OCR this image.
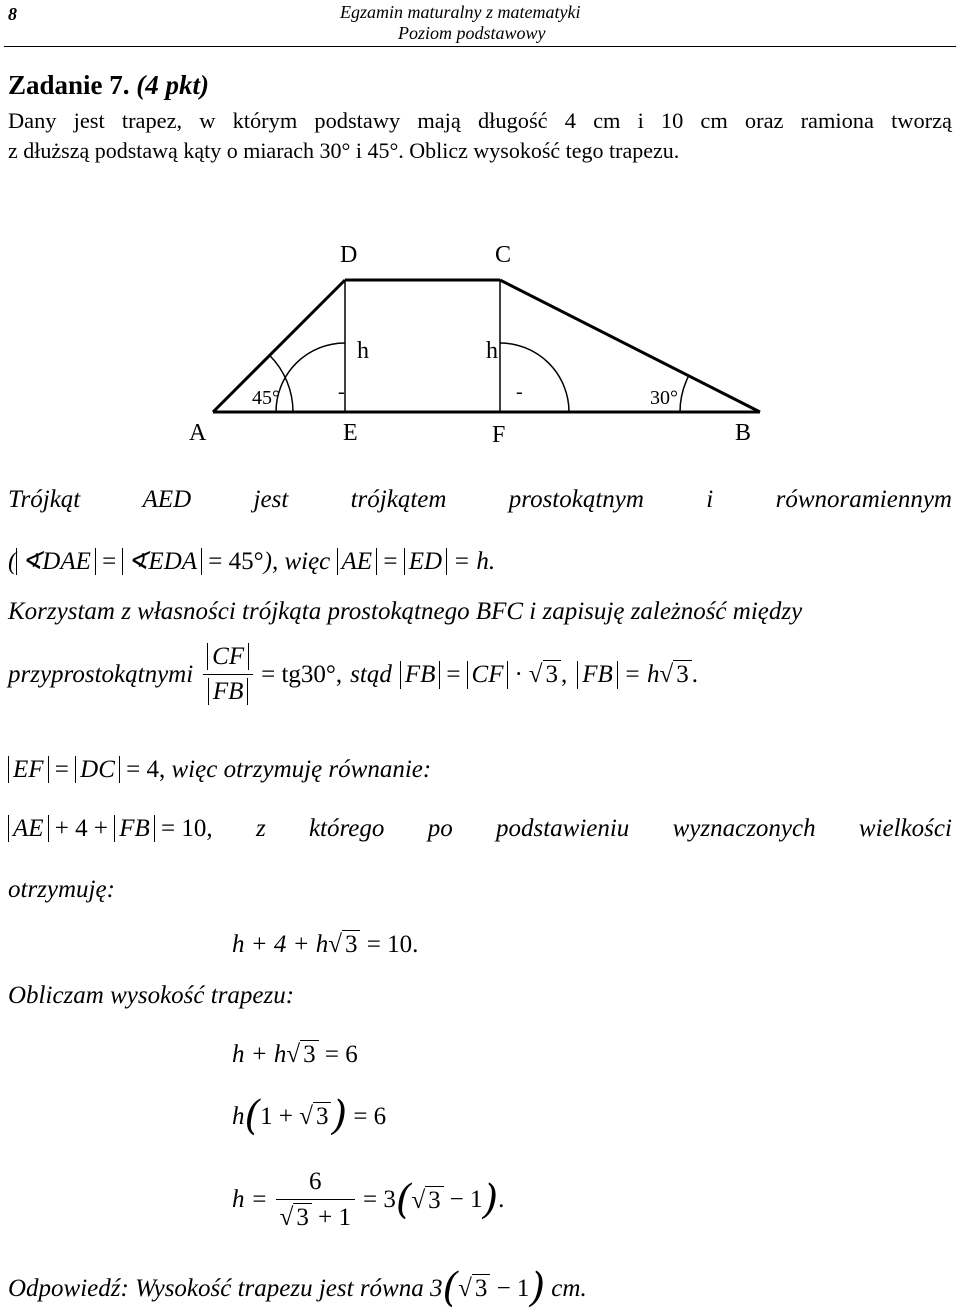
8	Egzamin maturalny z matematyki
Poziom podstawowy
Zadanie 7. (4 pkt)
Dany jest trapez, w którym podstawy mają długość 4 cm i 10 cm oraz ramiona tworzą
z dłuższą podstawą kąty o miarach 30° i 45°. Oblicz wysokość tego trapezu.
D	C
h	h
A	E	F	B
45°	30°
-	-
Trójkąt AED jest trójkątem prostokątnym i równoramiennym
( ∢DAE = ∢EDA = 45°), więc AE = ED = h.
Korzystam z własności trójkąta prostokątnego BFC i zapisuję zależność między
przyprostokątnymi $\frac{CF}{FB} = tg30^\circ$, stąd FB = CF · √ 3 , FB = h √ 3 .
EF = DC = 4, więc otrzymuję równanie:
AE + 4 + FB = 10, z którego po podstawieniu wyznaczonych wielkości
otrzymuję:
h + 4 + h√ 3 = 10.
Obliczam wysokość trapezu:
h + h√ 3 = 6
h(1 + √ 3) = 6
$h = \frac{6}{√ 3 + 1} = 3$ ( √ 3 − 1 ) .
Odpowiedź: Wysokość trapezu jest równa 3(√ 3 − 1) cm.
